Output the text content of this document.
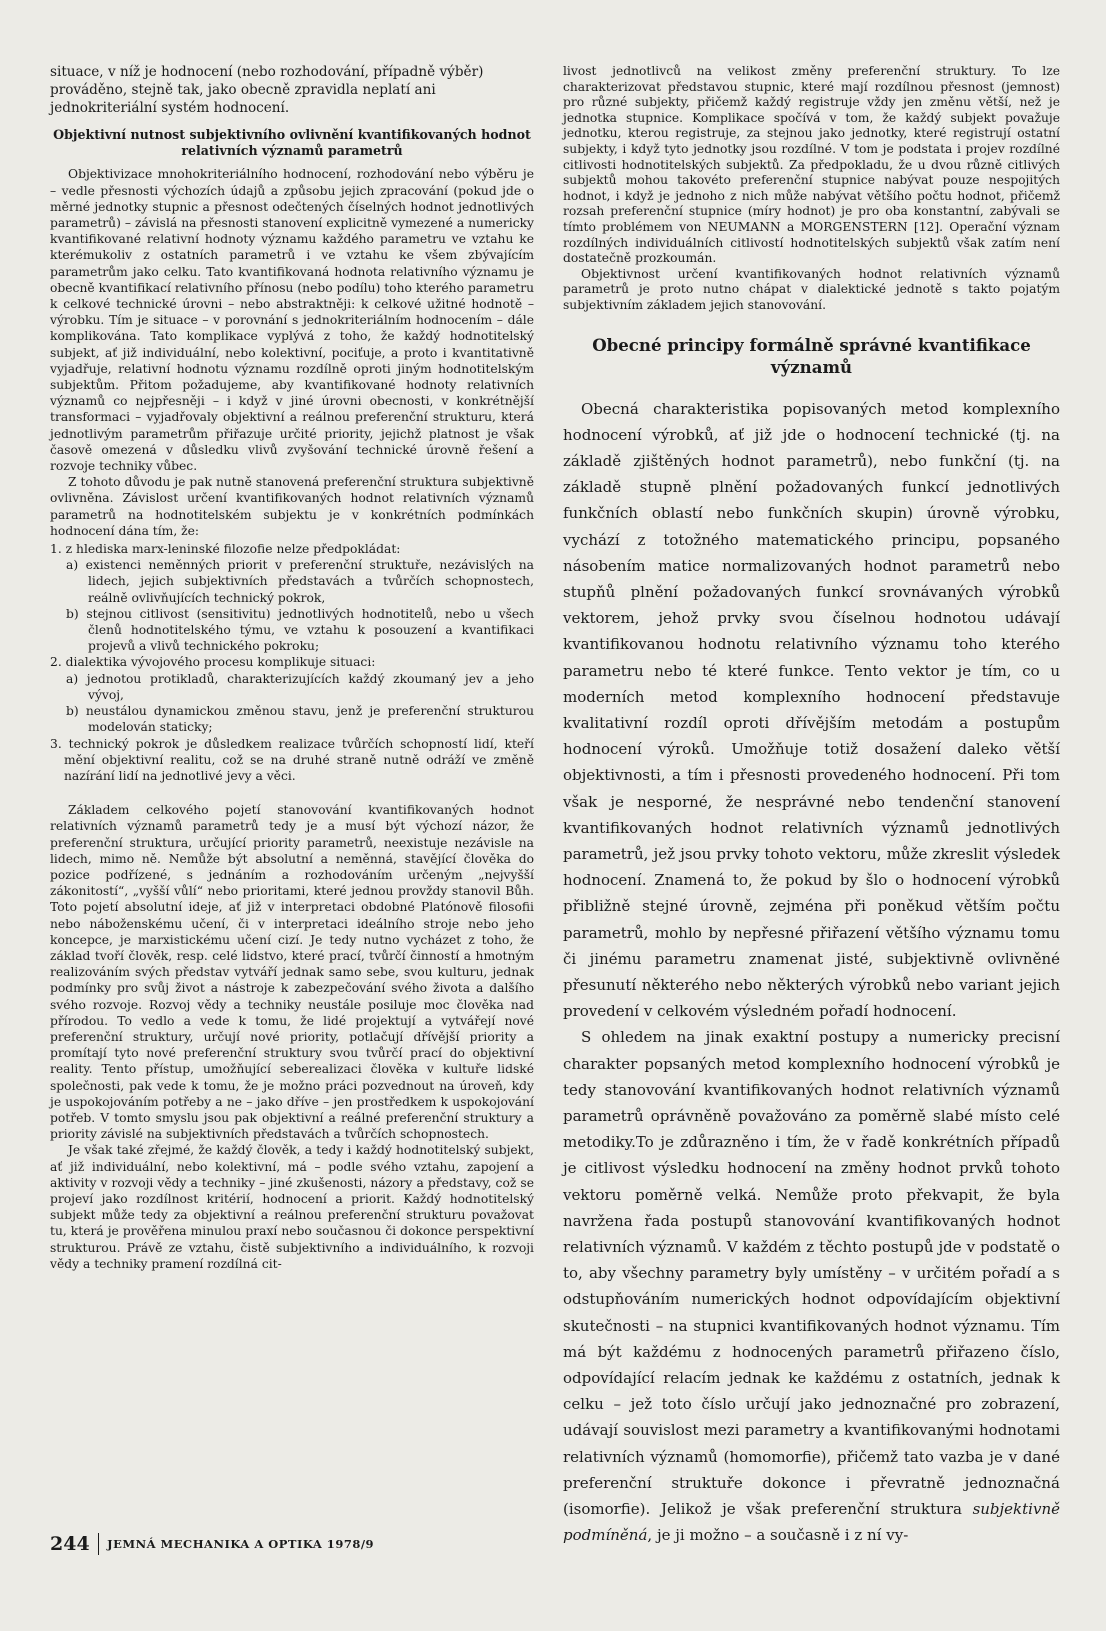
situace, v níž je hodnocení (nebo rozhodování, případně výběr) prováděno, stejně tak, jako obecně zpravidla neplatí ani jednokriteriální systém hodnocení.

Objektivní nutnost subjektivního ovlivnění kvantifikovaných hodnot relativních významů parametrů

Objektivizace mnohokriteriálního hodnocení, rozhodování nebo výběru je – vedle přesnosti výchozích údajů a způsobu jejich zpracování (pokud jde o měrné jednotky stupnic a přesnost odečtených číselných hodnot jednotlivých parametrů) – závislá na přesnosti stanovení explicitně vymezené a numericky kvantifikované relativní hodnoty významu každého parametru ve vztahu ke kterémukoliv z ostatních parametrů i ve vztahu ke všem zbývajícím parametrům jako celku. Tato kvantifikovaná hodnota relativního významu je obecně kvantifikací relativního přínosu (nebo podílu) toho kterého parametru k celkové technické úrovni – nebo abstraktněji: k celkové užitné hodnotě – výrobku. Tím je situace – v porovnání s jednokriteriálním hodnocením – dále komplikována. Tato komplikace vyplývá z toho, že každý hodnotitelský subjekt, ať již individuální, nebo kolektivní, pociťuje, a proto i kvantitativně vyjadřuje, relativní hodnotu významu rozdílně oproti jiným hodnotitelským subjektům. Přitom požadujeme, aby kvantifikované hodnoty relativních významů co nejpřesněji – i když v jiné úrovni obecnosti, v konkrétnější transformaci – vyjadřovaly objektivní a reálnou preferenční strukturu, která jednotlivým parametrům přiřazuje určité priority, jejichž platnost je však časově omezená v důsledku vlivů zvyšování technické úrovně řešení a rozvoje techniky vůbec.

Z tohoto důvodu je pak nutně stanovená preferenční struktura subjektivně ovlivněna. Závislost určení kvantifikovaných hodnot relativních významů parametrů na hodnotitelském subjektu je v konkrétních podmínkách hodnocení dána tím, že:

1. z hlediska marx-leninské filozofie nelze předpokládat:
a) existenci neměnných priorit v preferenční struktuře, nezávislých na lidech, jejich subjektivních představách a tvůrčích schopnostech, reálně ovlivňujících technický pokrok,
b) stejnou citlivost (sensitivitu) jednotlivých hodnotitelů, nebo u všech členů hodnotitelského týmu, ve vztahu k posouzení a kvantifikaci projevů a vlivů technického pokroku;
2. dialektika vývojového procesu komplikuje situaci:
a) jednotou protikladů, charakterizujících každý zkoumaný jev a jeho vývoj,
b) neustálou dynamickou změnou stavu, jenž je preferenční strukturou modelován staticky;
3. technický pokrok je důsledkem realizace tvůrčích schopností lidí, kteří mění objektivní realitu, což se na druhé straně nutně odráží ve změně nazírání lidí na jednotlivé jevy a věci.

Základem celkového pojetí stanovování kvantifikovaných hodnot relativních významů parametrů tedy je a musí být výchozí názor, že preferenční struktura, určující priority parametrů, neexistuje nezávisle na lidech, mimo ně. Nemůže být absolutní a neměnná, stavějící člověka do pozice podřízené, s jednáním a rozhodováním určeným „nejvyšší zákonitostí“, „vyšší vůlí“ nebo prioritami, které jednou provždy stanovil Bůh. Toto pojetí absolutní ideje, ať již v interpretaci obdobné Platónově filosofii nebo náboženskému učení, či v interpretaci ideálního stroje nebo jeho koncepce, je marxistickému učení cizí. Je tedy nutno vycházet z toho, že základ tvoří člověk, resp. celé lidstvo, které prací, tvůrčí činností a hmotným realizováním svých představ vytváří jednak samo sebe, svou kulturu, jednak podmínky pro svůj život a nástroje k zabezpečování svého života a dalšího svého rozvoje. Rozvoj vědy a techniky neustále posiluje moc člověka nad přírodou. To vedlo a vede k tomu, že lidé projektují a vytvářejí nové preferenční struktury, určují nové priority, potlačují dřívější priority a promítají tyto nové preferenční struktury svou tvůrčí prací do objektivní reality. Tento přístup, umožňující seberealizaci člověka v kultuře lidské společnosti, pak vede k tomu, že je možno práci pozvednout na úroveň, kdy je uspokojováním potřeby a ne – jako dříve – jen prostředkem k uspokojování potřeb. V tomto smyslu jsou pak objektivní a reálné preferenční struktury a priority závislé na subjektivních představách a tvůrčích schopnostech.

Je však také zřejmé, že každý člověk, a tedy i každý hodnotitelský subjekt, ať již individuální, nebo kolektivní, má – podle svého vztahu, zapojení a aktivity v rozvoji vědy a techniky – jiné zkušenosti, názory a představy, což se projeví jako rozdílnost kritérií, hodnocení a priorit. Každý hodnotitelský subjekt může tedy za objektivní a reálnou preferenční strukturu považovat tu, která je prověřena minulou praxí nebo současnou či dokonce perspektivní strukturou. Právě ze vztahu, čistě subjektivního a individuálního, k rozvoji vědy a techniky pramení rozdílná cit-

livost jednotlivců na velikost změny preferenční struktury. To lze charakterizovat představou stupnic, které mají rozdílnou přesnost (jemnost) pro různé subjekty, přičemž každý registruje vždy jen změnu větší, než je jednotka stupnice. Komplikace spočívá v tom, že každý subjekt považuje jednotku, kterou registruje, za stejnou jako jednotky, které registrují ostatní subjekty, i když tyto jednotky jsou rozdílné. V tom je podstata i projev rozdílné citlivosti hodnotitelských subjektů. Za předpokladu, že u dvou různě citlivých subjektů mohou takovéto preferenční stupnice nabývat pouze nespojitých hodnot, i když je jednoho z nich může nabývat většího počtu hodnot, přičemž rozsah preferenční stupnice (míry hodnot) je pro oba konstantní, zabývali se tímto problémem von NEUMANN a MORGENSTERN [12]. Operační význam rozdílných individuálních citlivostí hodnotitelských subjektů však zatím není dostatečně prozkoumán.

Objektivnost určení kvantifikovaných hodnot relativních významů parametrů je proto nutno chápat v dialektické jednotě s takto pojatým subjektivním základem jejich stanovování.

Obecné principy formálně správné kvantifikace významů

Obecná charakteristika popisovaných metod komplexního hodnocení výrobků, ať již jde o hodnocení technické (tj. na základě zjištěných hodnot parametrů), nebo funkční (tj. na základě stupně plnění požadovaných funkcí jednotlivých funkčních oblastí nebo funkčních skupin) úrovně výrobku, vychází z totožného matematického principu, popsaného násobením matice normalizovaných hodnot parametrů nebo stupňů plnění požadovaných funkcí srovnávaných výrobků vektorem, jehož prvky svou číselnou hodnotou udávají kvantifikovanou hodnotu relativního významu toho kterého parametru nebo té které funkce. Tento vektor je tím, co u moderních metod komplexního hodnocení představuje kvalitativní rozdíl oproti dřívějším metodám a postupům hodnocení výroků. Umožňuje totiž dosažení daleko větší objektivnosti, a tím i přesnosti provedeného hodnocení. Při tom však je nesporné, že nesprávné nebo tendenční stanovení kvantifikovaných hodnot relativních významů jednotlivých parametrů, jež jsou prvky tohoto vektoru, může zkreslit výsledek hodnocení. Znamená to, že pokud by šlo o hodnocení výrobků přibližně stejné úrovně, zejména při poněkud větším počtu parametrů, mohlo by nepřesné přiřazení většího významu tomu či jinému parametru znamenat jisté, subjektivně ovlivněné přesunutí některého nebo některých výrobků nebo variant jejich provedení v celkovém výsledném pořadí hodnocení.

S ohledem na jinak exaktní postupy a numericky precisní charakter popsaných metod komplexního hodnocení výrobků je tedy stanovování kvantifikovaných hodnot relativních významů parametrů oprávněně považováno za poměrně slabé místo celé metodiky.To je zdůrazněno i tím, že v řadě konkrétních případů je citlivost výsledku hodnocení na změny hodnot prvků tohoto vektoru poměrně velká. Nemůže proto překvapit, že byla navržena řada postupů stanovování kvantifikovaných hodnot relativních významů. V každém z těchto postupů jde v podstatě o to, aby všechny parametry byly umístěny – v určitém pořadí a s odstupňováním numerických hodnot odpovídajícím objektivní skutečnosti – na stupnici kvantifikovaných hodnot významu. Tím má být každému z hodnocených parametrů přiřazeno číslo, odpovídající relacím jednak ke každému z ostatních, jednak k celku – jež toto číslo určují jako jednoznačné pro zobrazení, udávají souvislost mezi parametry a kvantifikovanými hodnotami relativních významů (homomorfie), přičemž tato vazba je v dané preferenční struktuře dokonce i převratně jednoznačná (isomorfie). Jelikož je však preferenční struktura subjektivně podmíněná, je ji možno – a současně i z ní vy-

244 JEMNÁ MECHANIKA A OPTIKA 1978/9
